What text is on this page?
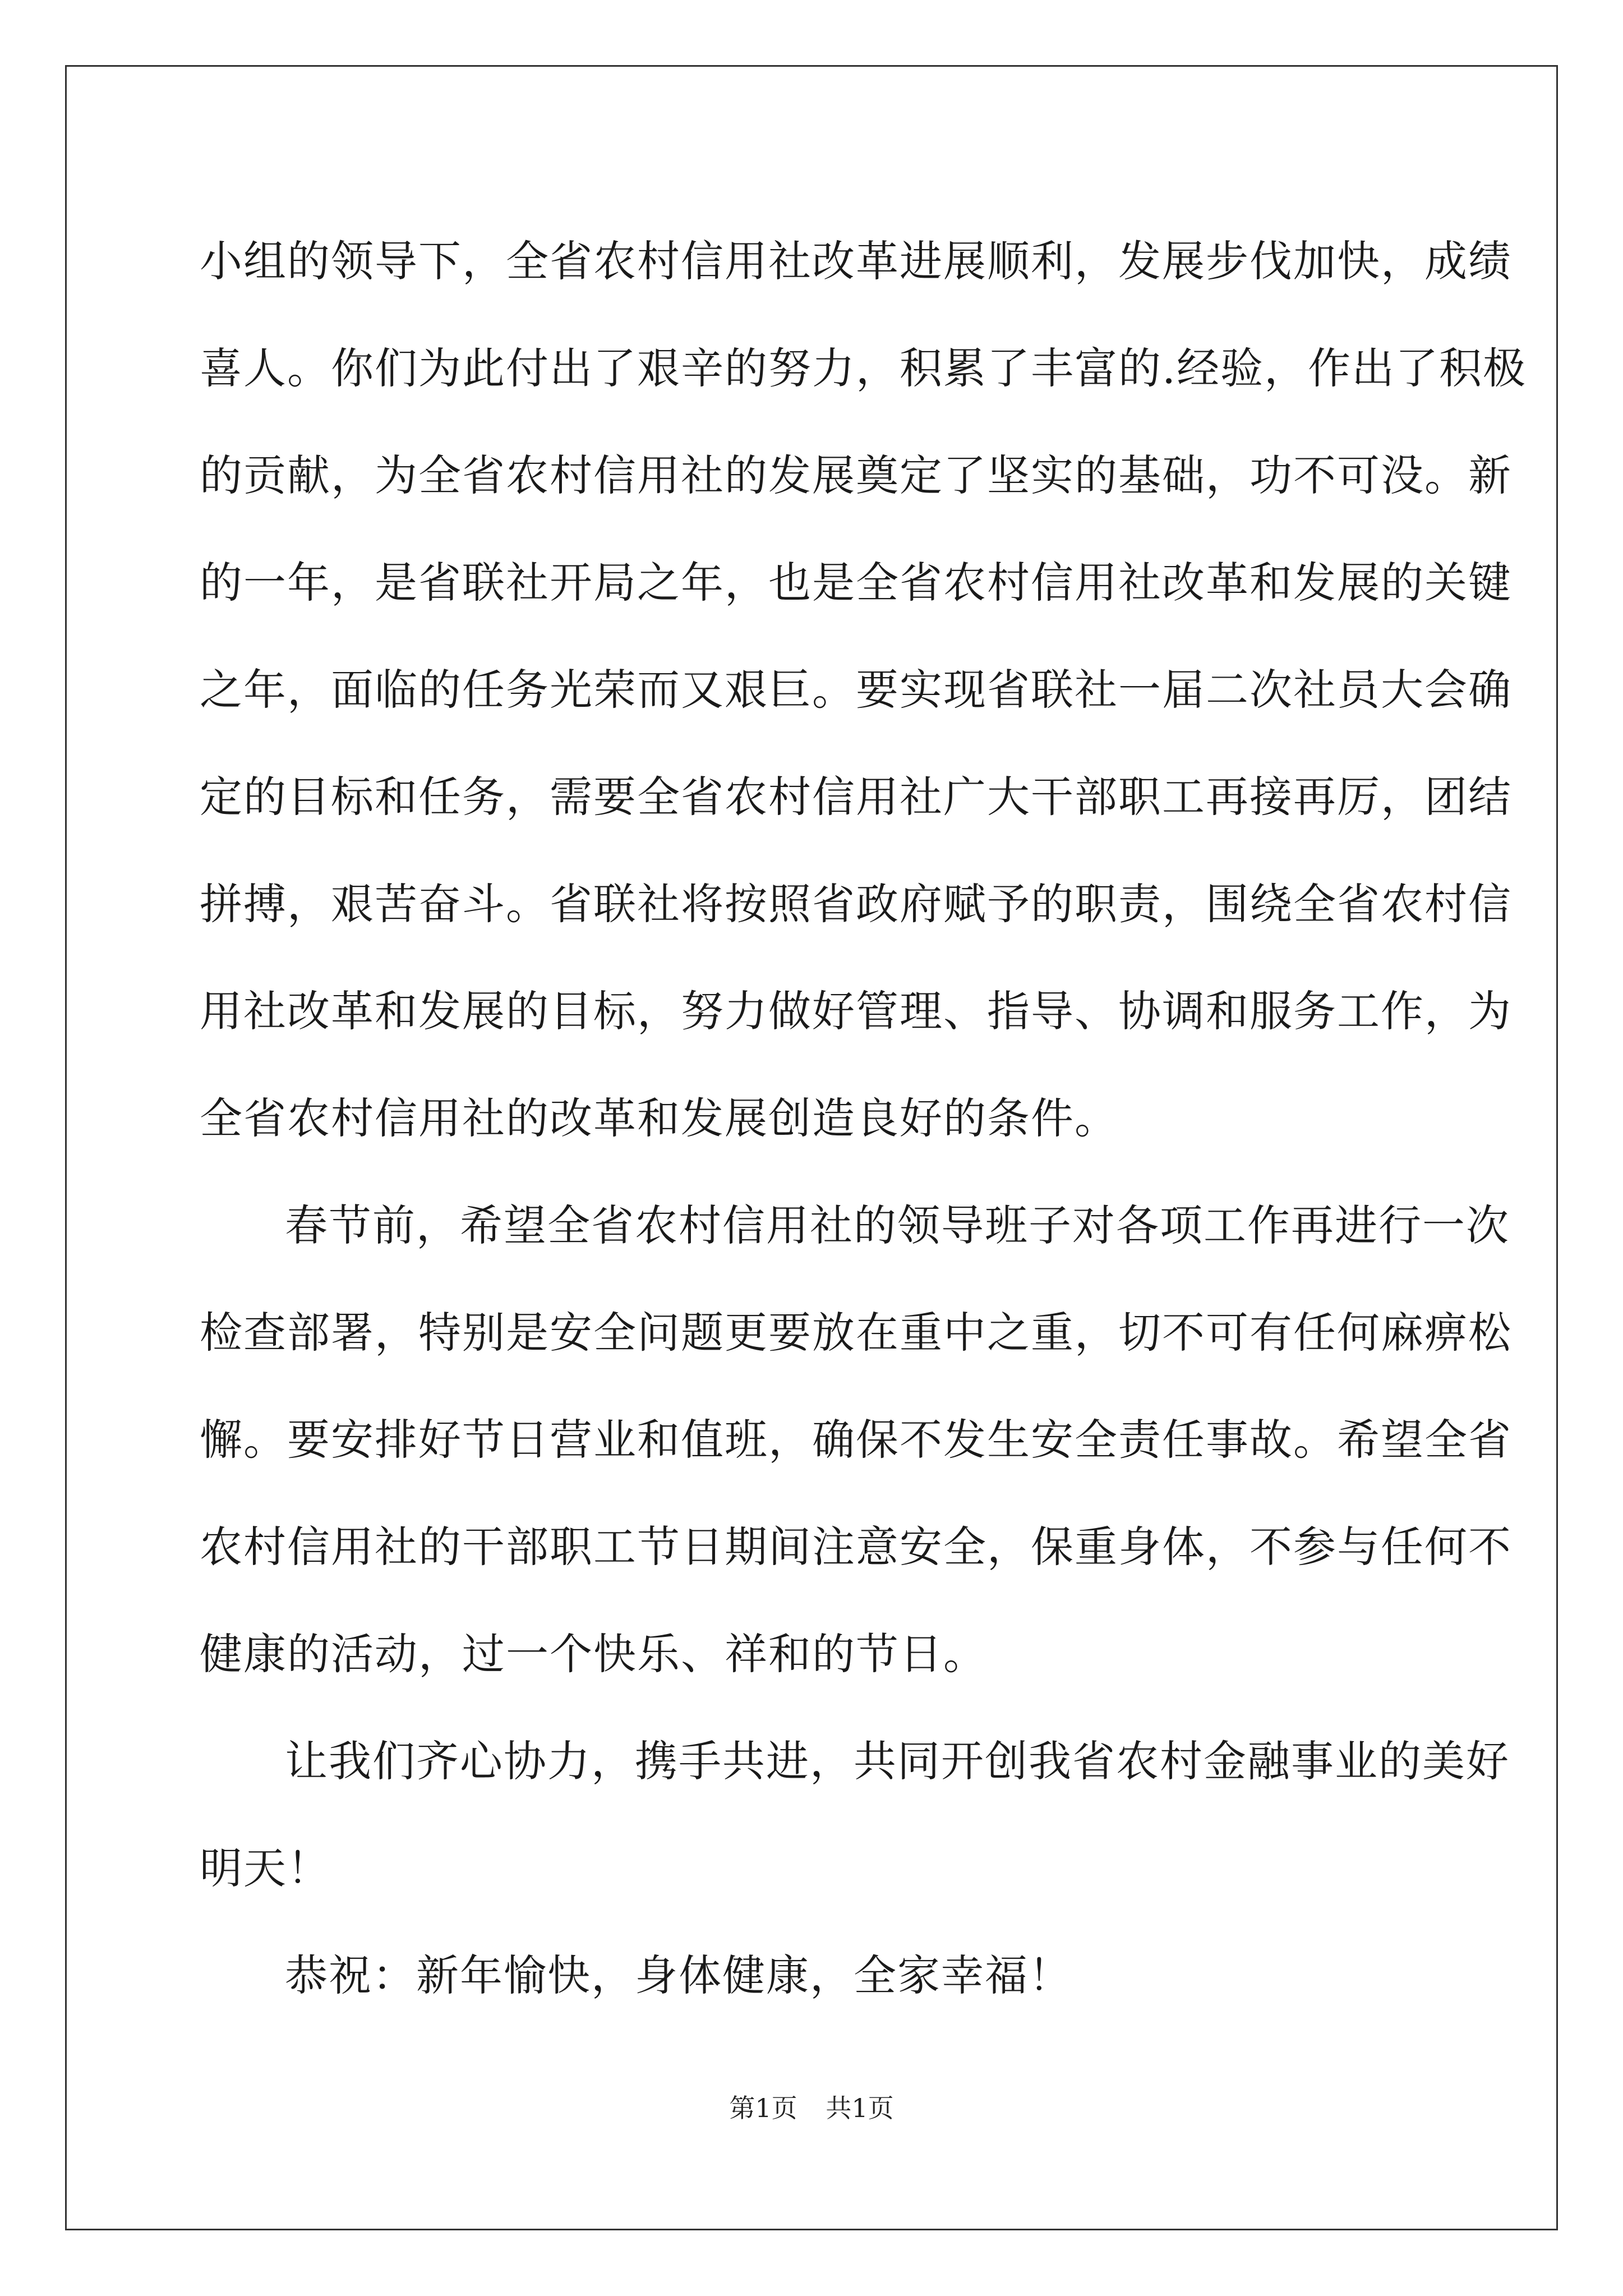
小组的领导下，全省农村信用社改革进展顺利，发展步伐加快，成绩
喜人。你们为此付出了艰辛的努力，积累了丰富的.经验，作出了积极
的贡献，为全省农村信用社的发展奠定了坚实的基础，功不可没。新
的一年，是省联社开局之年，也是全省农村信用社改革和发展的关键
之年，面临的任务光荣而又艰巨。要实现省联社一届二次社员大会确
定的目标和任务，需要全省农村信用社广大干部职工再接再厉，团结
拼搏，艰苦奋斗。省联社将按照省政府赋予的职责，围绕全省农村信
用社改革和发展的目标，努力做好管理、指导、协调和服务工作，为
全省农村信用社的改革和发展创造良好的条件。

春节前，希望全省农村信用社的领导班子对各项工作再进行一次
检查部署，特别是安全问题更要放在重中之重，切不可有任何麻痹松
懈。要安排好节日营业和值班，确保不发生安全责任事故。希望全省
农村信用社的干部职工节日期间注意安全，保重身体，不参与任何不
健康的活动，过一个快乐、祥和的节日。

让我们齐心协力，携手共进，共同开创我省农村金融事业的美好
明天！

恭祝：新年愉快，身体健康，全家幸福！

第1页 共1页
